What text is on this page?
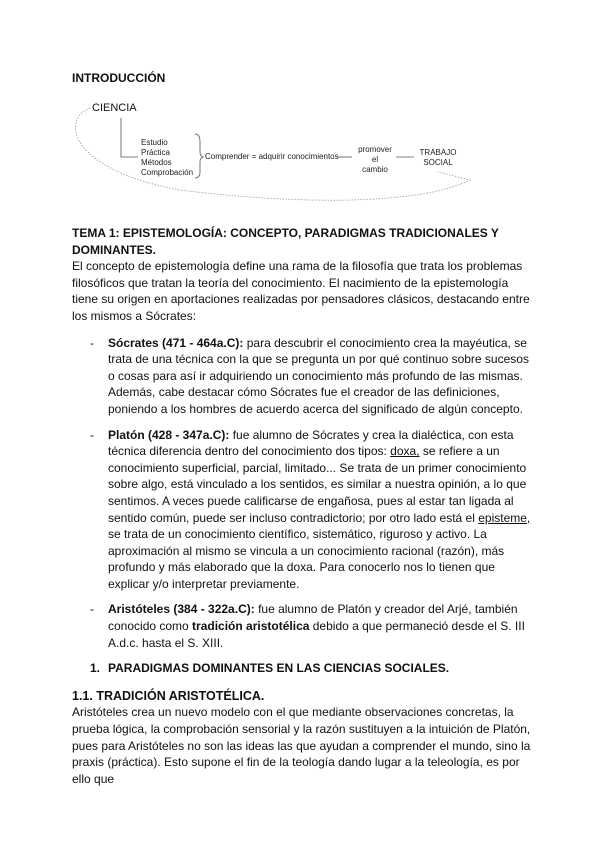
INTRODUCCIÓN
CIENCIA
Estudio
Práctica
Métodos
Comprobación
Comprender = adquirir conocimientos
promover
el
cambio
TRABAJO
SOCIAL

TEMA 1: EPISTEMOLOGÍA: CONCEPTO, PARADIGMAS TRADICIONALES Y DOMINANTES.

El concepto de epistemología define una rama de la filosofía que trata los problemas filosóficos que tratan la teoría del conocimiento. El nacimiento de la epistemología tiene su origen en aportaciones realizadas por pensadores clásicos, destacando entre los mismos a Sócrates:

-	Sócrates (471 - 464a.C): para descubrir el conocimiento crea la mayéutica, se trata de una técnica con la que se pregunta un por qué continuo sobre sucesos o cosas para así ir adquiriendo un conocimiento más profundo de las mismas. Además, cabe destacar cómo Sócrates fue el creador de las definiciones, poniendo a los hombres de acuerdo acerca del significado de algún concepto.
-	Platón (428 - 347a.C): fue alumno de Sócrates y crea la dialéctica, con esta técnica diferencia dentro del conocimiento dos tipos: doxa, se refiere a un conocimiento superficial, parcial, limitado... Se trata de un primer conocimiento sobre algo, está vinculado a los sentidos, es similar a nuestra opinión, a lo que sentimos. A veces puede calificarse de engañosa, pues al estar tan ligada al sentido común, puede ser incluso contradictorio; por otro lado está el episteme, se trata de un conocimiento científico, sistemático, riguroso y activo. La aproximación al mismo se vincula a un conocimiento racional (razón), más profundo y más elaborado que la doxa. Para conocerlo nos lo tienen que explicar y/o interpretar previamente.
-	Aristóteles (384 - 322a.C): fue alumno de Platón y creador del Arjé, también conocido como tradición aristotélica debido a que permaneció desde el S. III A.d.c. hasta el S. XIII.
1. PARADIGMAS DOMINANTES EN LAS CIENCIAS SOCIALES.

1.1. TRADICIÓN ARISTOTÉLICA.

Aristóteles crea un nuevo modelo con el que mediante observaciones concretas, la prueba lógica, la comprobación sensorial y la razón sustituyen a la intuición de Platón, pues para Aristóteles no son las ideas las que ayudan a comprender el mundo, sino la praxis (práctica). Esto supone el fin de la teología dando lugar a la teleología, es por ello que
